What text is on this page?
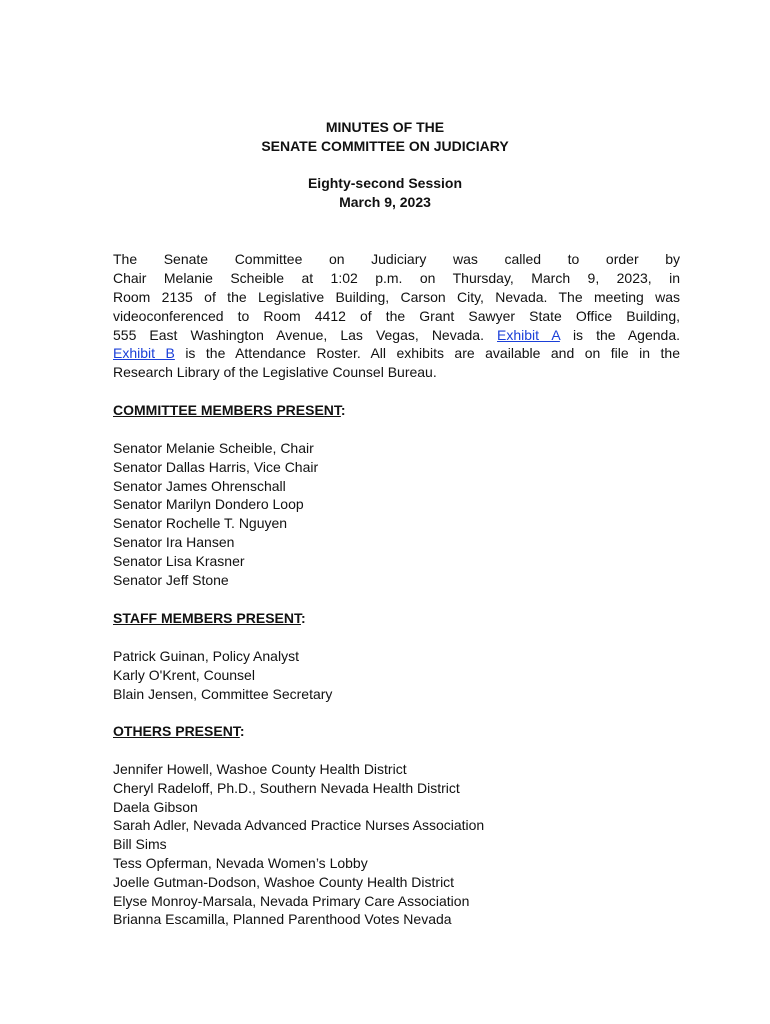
MINUTES OF THE
SENATE COMMITTEE ON JUDICIARY
Eighty-second Session
March 9, 2023
The Senate Committee on Judiciary was called to order by
Chair Melanie Scheible at 1:02 p.m. on Thursday, March 9, 2023, in
Room 2135 of the Legislative Building, Carson City, Nevada. The meeting was
videoconferenced to Room 4412 of the Grant Sawyer State Office Building,
555 East Washington Avenue, Las Vegas, Nevada. Exhibit A is the Agenda.
Exhibit B is the Attendance Roster. All exhibits are available and on file in the
Research Library of the Legislative Counsel Bureau.
COMMITTEE MEMBERS PRESENT:
Senator Melanie Scheible, Chair
Senator Dallas Harris, Vice Chair
Senator James Ohrenschall
Senator Marilyn Dondero Loop
Senator Rochelle T. Nguyen
Senator Ira Hansen
Senator Lisa Krasner
Senator Jeff Stone
STAFF MEMBERS PRESENT:
Patrick Guinan, Policy Analyst
Karly O'Krent, Counsel
Blain Jensen, Committee Secretary
OTHERS PRESENT:
Jennifer Howell, Washoe County Health District
Cheryl Radeloff, Ph.D., Southern Nevada Health District
Daela Gibson
Sarah Adler, Nevada Advanced Practice Nurses Association
Bill Sims
Tess Opferman, Nevada Women’s Lobby
Joelle Gutman-Dodson, Washoe County Health District
Elyse Monroy-Marsala, Nevada Primary Care Association
Brianna Escamilla, Planned Parenthood Votes Nevada
